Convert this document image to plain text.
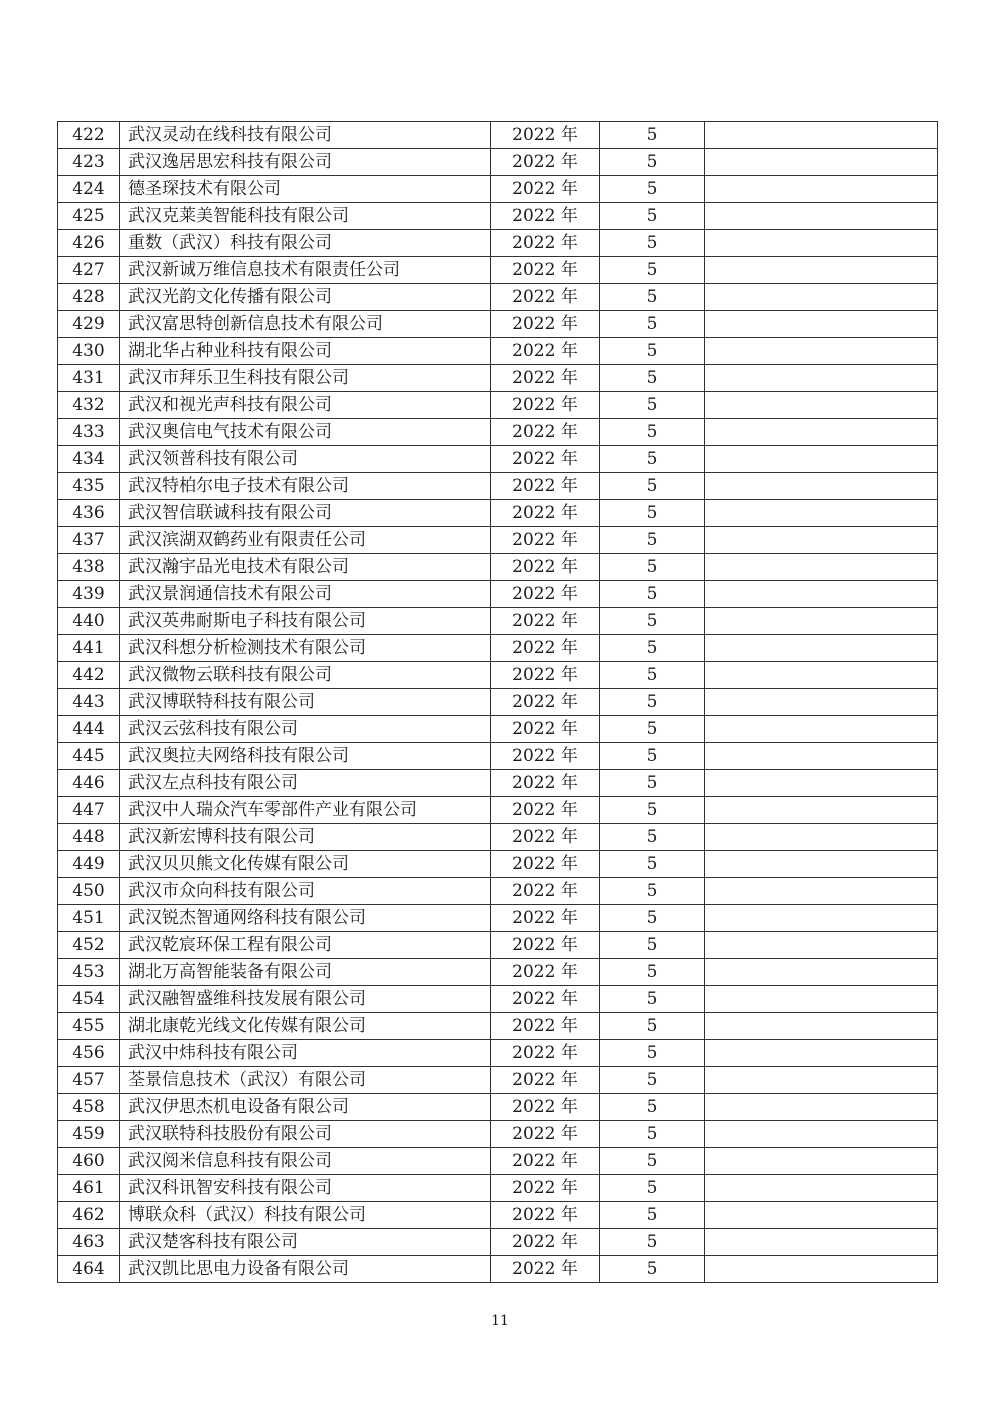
422	武汉灵动在线科技有限公司	2022 年	5	
423	武汉逸居思宏科技有限公司	2022 年	5	
424	德圣琛技术有限公司	2022 年	5	
425	武汉克莱美智能科技有限公司	2022 年	5	
426	重数（武汉）科技有限公司	2022 年	5	
427	武汉新诚万维信息技术有限责任公司	2022 年	5	
428	武汉光韵文化传播有限公司	2022 年	5	
429	武汉富思特创新信息技术有限公司	2022 年	5	
430	湖北华占种业科技有限公司	2022 年	5	
431	武汉市拜乐卫生科技有限公司	2022 年	5	
432	武汉和视光声科技有限公司	2022 年	5	
433	武汉奥信电气技术有限公司	2022 年	5	
434	武汉领普科技有限公司	2022 年	5	
435	武汉特柏尔电子技术有限公司	2022 年	5	
436	武汉智信联诚科技有限公司	2022 年	5	
437	武汉滨湖双鹤药业有限责任公司	2022 年	5	
438	武汉瀚宇品光电技术有限公司	2022 年	5	
439	武汉景润通信技术有限公司	2022 年	5	
440	武汉英弗耐斯电子科技有限公司	2022 年	5	
441	武汉科想分析检测技术有限公司	2022 年	5	
442	武汉微物云联科技有限公司	2022 年	5	
443	武汉博联特科技有限公司	2022 年	5	
444	武汉云弦科技有限公司	2022 年	5	
445	武汉奥拉夫网络科技有限公司	2022 年	5	
446	武汉左点科技有限公司	2022 年	5	
447	武汉中人瑞众汽车零部件产业有限公司	2022 年	5	
448	武汉新宏博科技有限公司	2022 年	5	
449	武汉贝贝熊文化传媒有限公司	2022 年	5	
450	武汉市众向科技有限公司	2022 年	5	
451	武汉锐杰智通网络科技有限公司	2022 年	5	
452	武汉乾宸环保工程有限公司	2022 年	5	
453	湖北万高智能装备有限公司	2022 年	5	
454	武汉融智盛维科技发展有限公司	2022 年	5	
455	湖北康乾光线文化传媒有限公司	2022 年	5	
456	武汉中炜科技有限公司	2022 年	5	
457	荃景信息技术（武汉）有限公司	2022 年	5	
458	武汉伊思杰机电设备有限公司	2022 年	5	
459	武汉联特科技股份有限公司	2022 年	5	
460	武汉阅米信息科技有限公司	2022 年	5	
461	武汉科讯智安科技有限公司	2022 年	5	
462	博联众科（武汉）科技有限公司	2022 年	5	
463	武汉楚客科技有限公司	2022 年	5	
464	武汉凯比思电力设备有限公司	2022 年	5	
11
